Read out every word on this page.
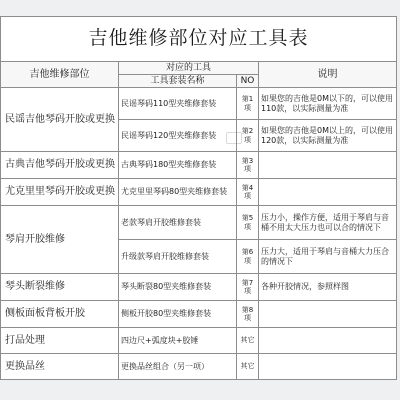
吉他维修部位对应工具表			
吉他维修部位	对应的工具		说明
	工具套装名称	NO	
民谣吉他琴码开胶或更换	民谣琴码110型夹维修套装	第1项	如果您的吉他是0M以下的，可以使用110款，以实际测量为准
	民谣琴码120型夹维修套装	第2项	如果您的吉他是0M以上的，可以使用120款，以实际测量为准
古典吉他琴码开胶或更换	古典琴码180型夹维修套装	第3项	
尤克里里琴码开胶或更换	尤克里里琴码80型夹维修套装	第4项	
琴肩开胶维修	老款琴肩开胶维修套装	第5项	压力小，操作方便，适用于琴肩与音桶不用太大压力也可以合的情况下
	升级款琴肩开胶维修套装	第6项	压力大，适用于琴肩与音桶大力压合的情况下
琴头断裂维修	琴头断裂80型夹维修套装	第7项	各种开胶情况，参照样图
侧板面板背板开胶	侧板开胶80型夹维修套装	第8项	
打品处理	四边尺+弧度块+胶锤	其它	
更换品丝	更换品丝组合（另一项）	其它	
